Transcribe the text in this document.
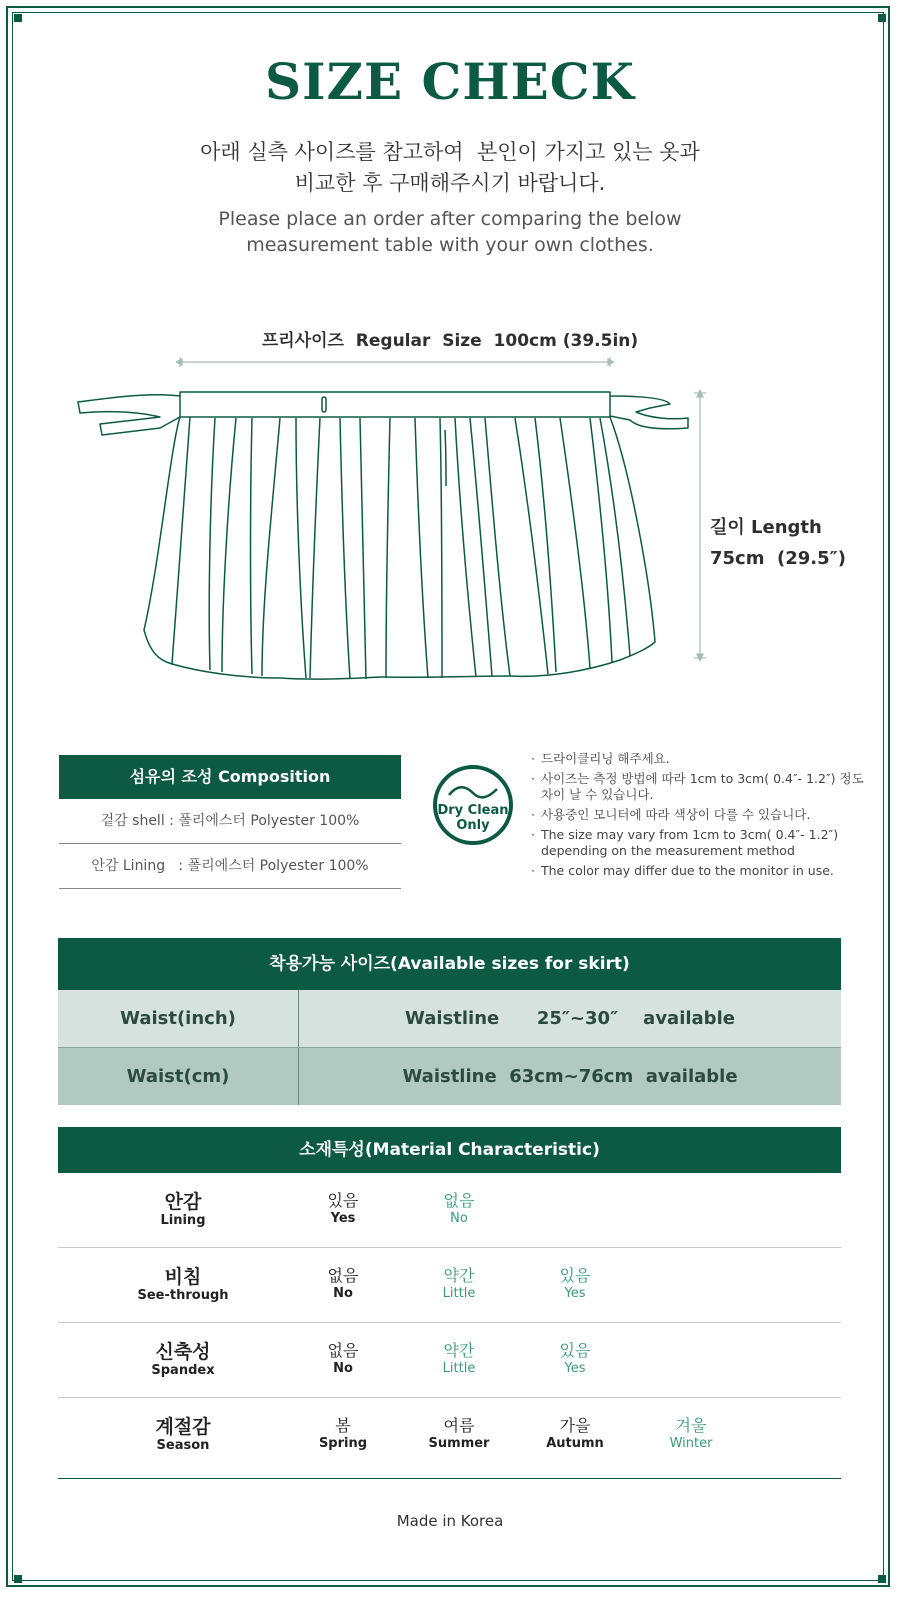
SIZE CHECK
아래 실측 사이즈를 참고하여  본인이 가지고 있는 옷과
비교한 후 구매해주시기 바랍니다.
Please place an order after comparing the below
measurement table with your own clothes.
프리사이즈  Regular  Size  100cm (39.5in)
길이 Length
75cm  (29.5″)
섬유의 조성 Composition
겉감 shell : 폴리에스터 Polyester 100%
안감 Lining   : 폴리에스터 Polyester 100%
Dry Clean
Only
· 드라이클리닝 해주세요.
· 사이즈는 측정 방법에 따라 1cm to 3cm( 0.4″- 1.2″) 정도 차이 날 수 있습니다.
· 사용중인 모니터에 따라 색상이 다를 수 있습니다.
· The size may vary from 1cm to 3cm( 0.4″- 1.2″) depending on the measurement method
· The color may differ due to the monitor in use.
착용가능 사이즈(Available sizes for skirt)
Waist(inch)	Waistline      25″~30″    available
Waist(cm)	Waistline  63cm~76cm  available
소재특성(Material Characteristic)
안감
Lining
있음
Yes
없음
No
비침
See-through
없음
No
약간
Little
있음
Yes
신축성
Spandex
없음
No
약간
Little
있음
Yes
계절감
Season
봄
Spring
여름
Summer
가을
Autumn
겨울
Winter
Made in Korea
